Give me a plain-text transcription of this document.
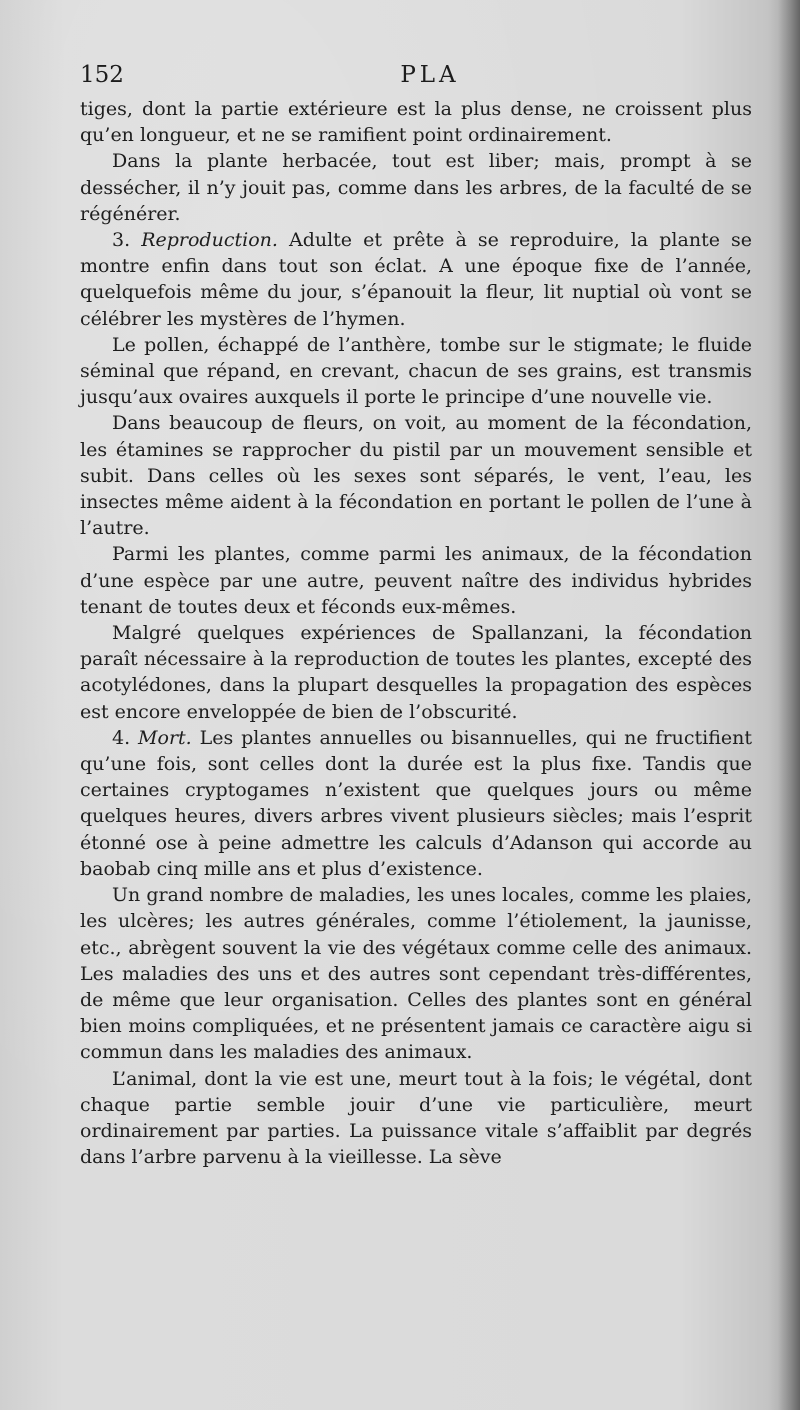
152	PLA

tiges, dont la partie extérieure est la plus dense, ne croissent plus qu’en longueur, et ne se ramifient point ordinairement.

Dans la plante herbacée, tout est liber; mais, prompt à se dessécher, il n’y jouit pas, comme dans les arbres, de la faculté de se régénérer.

3. Reproduction. Adulte et prête à se reproduire, la plante se montre enfin dans tout son éclat. A une époque fixe de l’année, quelquefois même du jour, s’épanouit la fleur, lit nuptial où vont se célébrer les mystères de l’hymen.

Le pollen, échappé de l’anthère, tombe sur le stigmate; le fluide séminal que répand, en crevant, chacun de ses grains, est transmis jusqu’aux ovaires auxquels il porte le principe d’une nouvelle vie.

Dans beaucoup de fleurs, on voit, au moment de la fécondation, les étamines se rapprocher du pistil par un mouvement sensible et subit. Dans celles où les sexes sont séparés, le vent, l’eau, les insectes même aident à la fécondation en portant le pollen de l’une à l’autre.

Parmi les plantes, comme parmi les animaux, de la fécondation d’une espèce par une autre, peuvent naître des individus hybrides tenant de toutes deux et féconds eux-mêmes.

Malgré quelques expériences de Spallanzani, la fécondation paraît nécessaire à la reproduction de toutes les plantes, excepté des acotylédones, dans la plupart desquelles la propagation des espèces est encore enveloppée de bien de l’obscurité.

4. Mort. Les plantes annuelles ou bisannuelles, qui ne fructifient qu’une fois, sont celles dont la durée est la plus fixe. Tandis que certaines cryptogames n’existent que quelques jours ou même quelques heures, divers arbres vivent plusieurs siècles; mais l’esprit étonné ose à peine admettre les calculs d’Adanson qui accorde au baobab cinq mille ans et plus d’existence.

Un grand nombre de maladies, les unes locales, comme les plaies, les ulcères; les autres générales, comme l’étiolement, la jaunisse, etc., abrègent souvent la vie des végétaux comme celle des animaux. Les maladies des uns et des autres sont cependant très-différentes, de même que leur organisation. Celles des plantes sont en général bien moins compliquées, et ne présentent jamais ce caractère aigu si commun dans les maladies des animaux.

L’animal, dont la vie est une, meurt tout à la fois; le végétal, dont chaque partie semble jouir d’une vie particulière, meurt ordinairement par parties. La puissance vitale s’affaiblit par degrés dans l’arbre parvenu à la vieillesse. La sève
